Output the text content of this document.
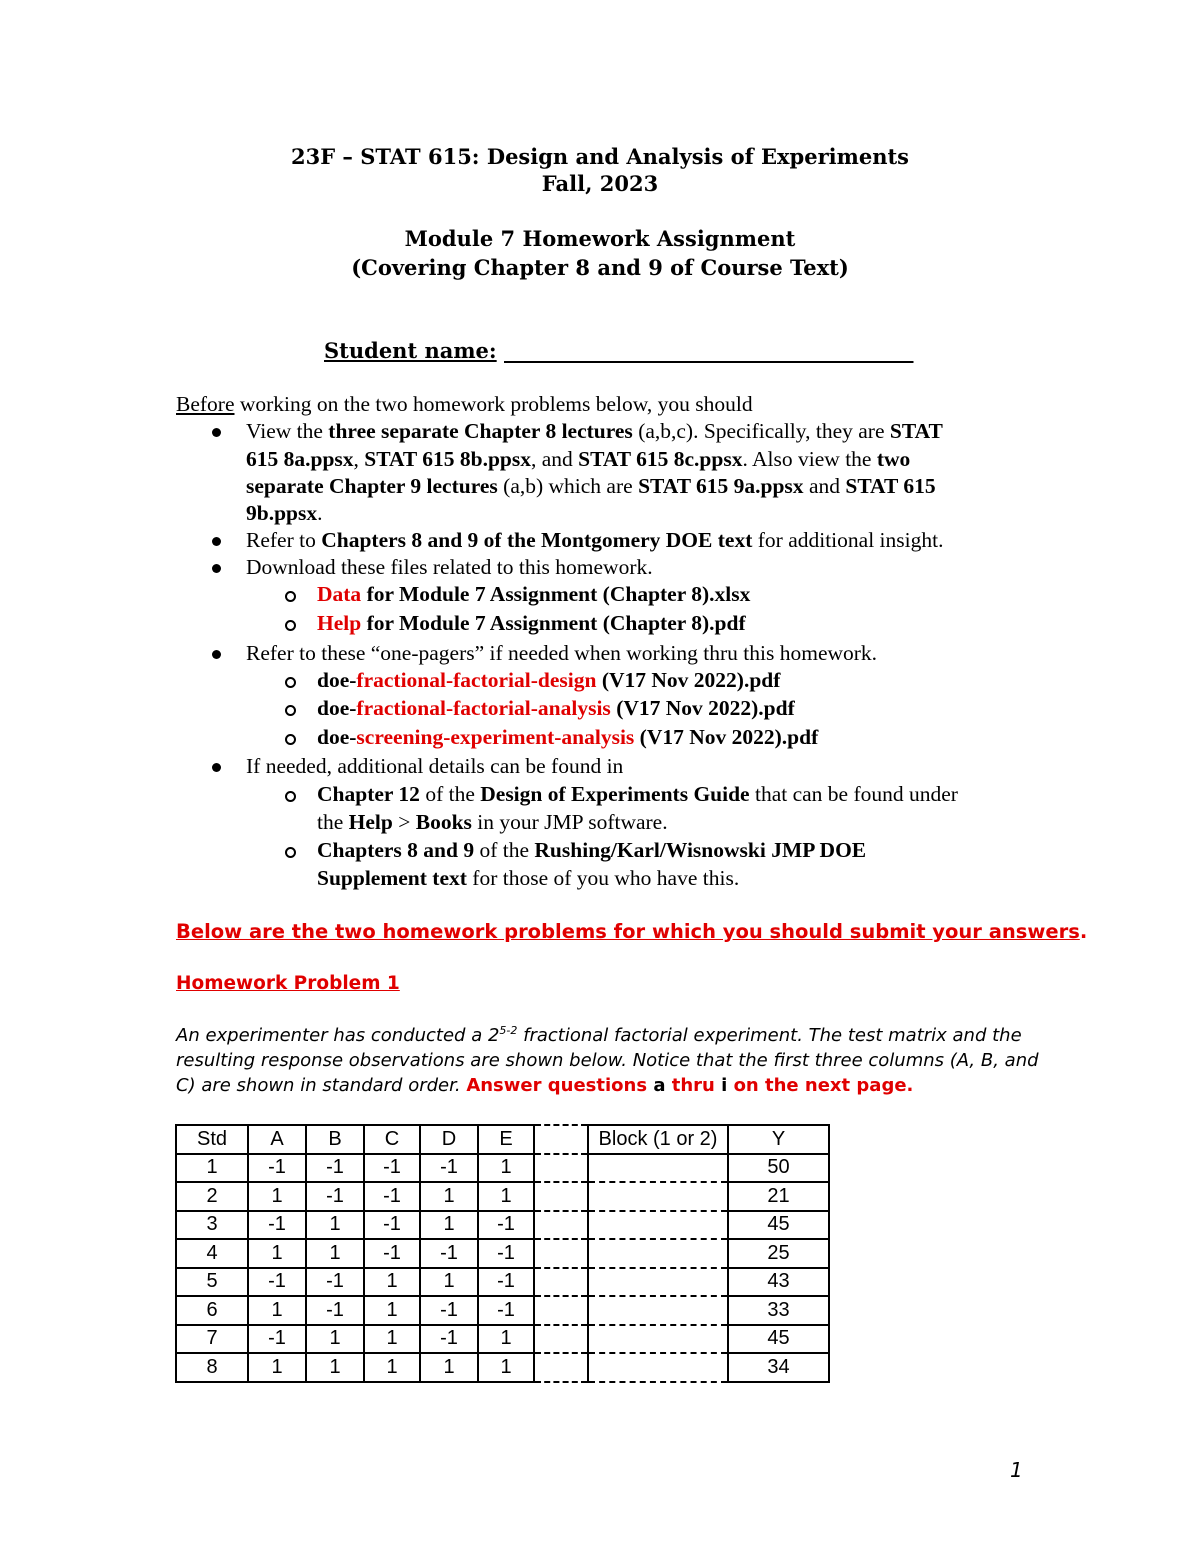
23F – STAT 615: Design and Analysis of Experiments
Fall, 2023
Module 7 Homework Assignment
(Covering Chapter 8 and 9 of Course Text)
Student name: _______________________________________
Before working on the two homework problems below, you should
View the three separate Chapter 8 lectures (a,b,c). Specifically, they are STAT
615 8a.ppsx, STAT 615 8b.ppsx, and STAT 615 8c.ppsx. Also view the two
separate Chapter 9 lectures (a,b) which are STAT 615 9a.ppsx and STAT 615
9b.ppsx.
Refer to Chapters 8 and 9 of the Montgomery DOE text for additional insight.
Download these files related to this homework.
Data for Module 7 Assignment (Chapter 8).xlsx
Help for Module 7 Assignment (Chapter 8).pdf
Refer to these “one-pagers” if needed when working thru this homework.
doe-fractional-factorial-design (V17 Nov 2022).pdf
doe-fractional-factorial-analysis (V17 Nov 2022).pdf
doe-screening-experiment-analysis (V17 Nov 2022).pdf
If needed, additional details can be found in
Chapter 12 of the Design of Experiments Guide that can be found under
the Help > Books in your JMP software.
Chapters 8 and 9 of the Rushing/Karl/Wisnowski JMP DOE
Supplement text for those of you who have this.
Below are the two homework problems for which you should submit your answers.
Homework Problem 1
An experimenter has conducted a 2$^{5-2}$ fractional factorial experiment. The test matrix and the
resulting response observations are shown below. Notice that the first three columns (A, B, and
C) are shown in standard order. Answer questions a thru i on the next page.
Std	A	B	C	D	E		Block (1 or 2)	Y
1	-1	-1	-1	-1	1			50
2	1	-1	-1	1	1			21
3	-1	1	-1	1	-1			45
4	1	1	-1	-1	-1			25
5	-1	-1	1	1	-1			43
6	1	-1	1	-1	-1			33
7	-1	1	1	-1	1			45
8	1	1	1	1	1			34
1
